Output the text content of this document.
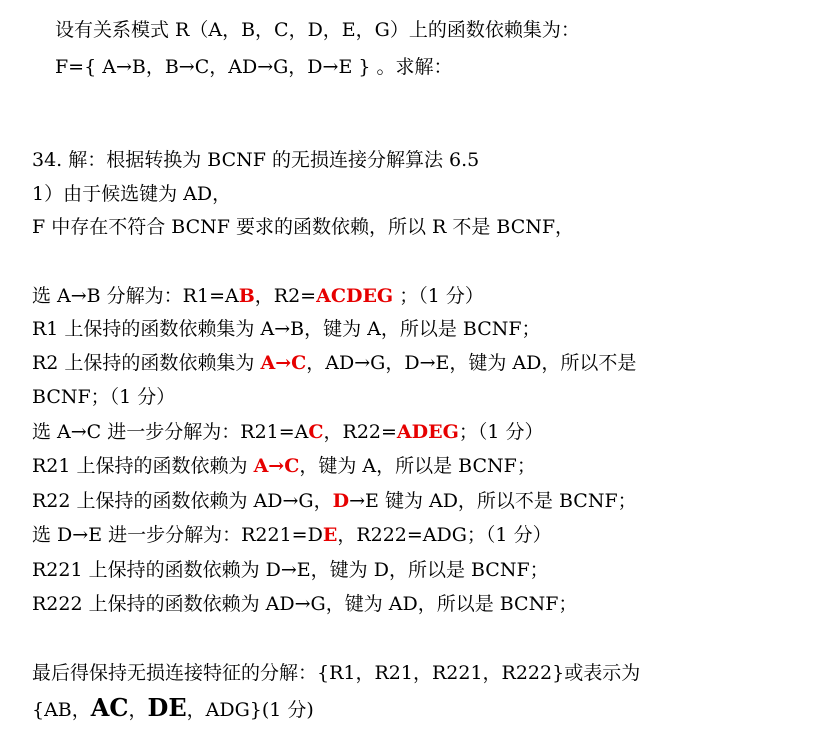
设有关系模式 R（A，B，C，D，E，G）上的函数依赖集为：
F={ A→B，B→C，AD→G，D→E } 。求解：
34. 解：根据转换为 BCNF 的无损连接分解算法 6.5
1）由于候选键为 AD，
F 中存在不符合 BCNF 要求的函数依赖，所以 R 不是 BCNF，
选 A→B 分解为：R1=AB，R2=ACDEG ；（1 分）
R1 上保持的函数依赖集为 A→B，键为 A，所以是 BCNF；
R2 上保持的函数依赖集为 A→C，AD→G，D→E，键为 AD，所以不是
BCNF；（1 分）
选 A→C 进一步分解为：R21=AC，R22=ADEG；（1 分）
R21 上保持的函数依赖为 A→C，键为 A，所以是 BCNF；
R22 上保持的函数依赖为 AD→G，D→E 键为 AD，所以不是 BCNF；
选 D→E 进一步分解为：R221=DE，R222=ADG；（1 分）
R221 上保持的函数依赖为 D→E，键为 D，所以是 BCNF；
R222 上保持的函数依赖为 AD→G，键为 AD，所以是 BCNF；
最后得保持无损连接特征的分解：{R1，R21，R221，R222}或表示为
{AB，AC，DE，ADG}(1 分)
